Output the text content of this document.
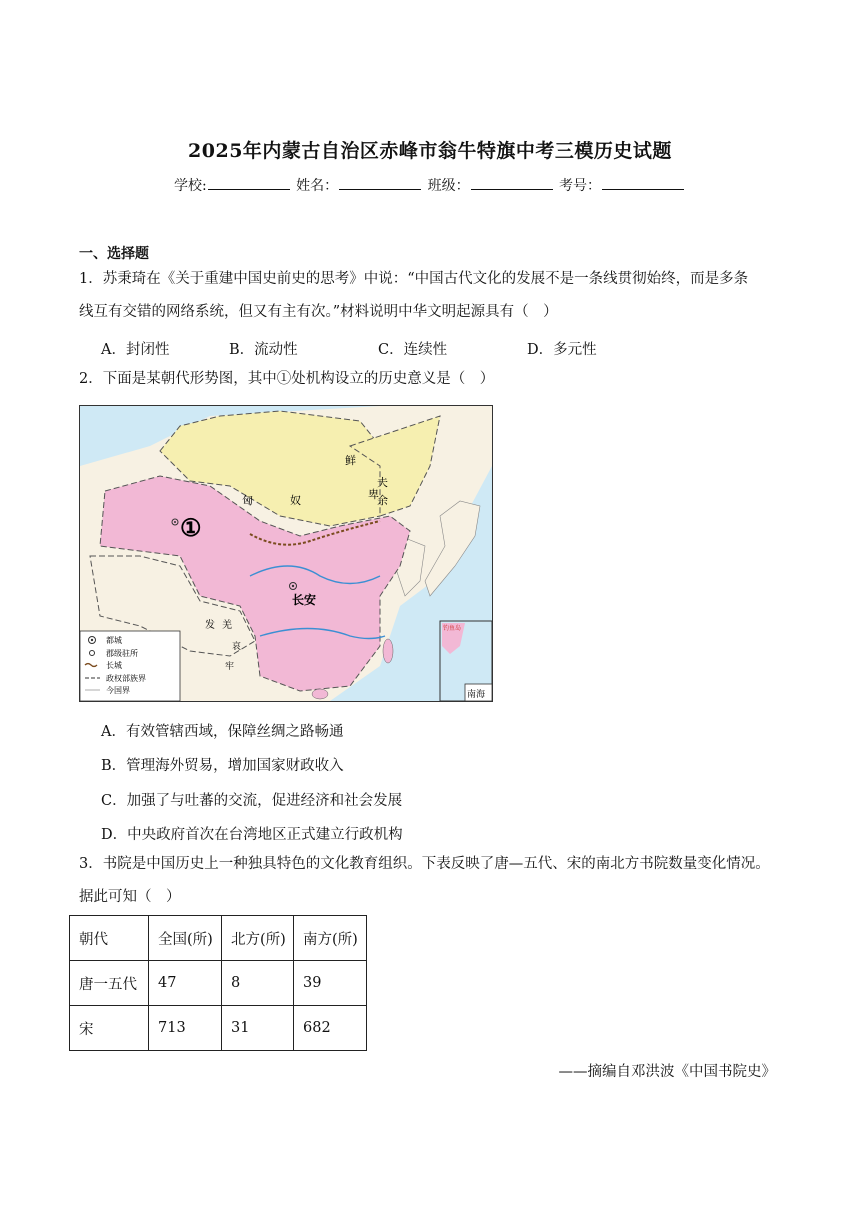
2025年内蒙古自治区赤峰市翁牛特旗中考三模历史试题
学校:	姓名：	班级：	考号：
一、选择题
1．苏秉琦在《关于重建中国史前史的思考》中说：“中国古代文化的发展不是一条线贯彻始终，而是多条
线互有交错的网络系统，但又有主有次。”材料说明中华文明起源具有（　）
A．封闭性	B．流动性	C．连续性	D．多元性
2．下面是某朝代形势图，其中①处机构设立的历史意义是（　）
鲜
卑
匈	奴
夫
余
①
长安
发 羌
哀
牢
南海
钓鱼岛
都城
郡级驻所
长城
政权部族界
今国界
A．有效管辖西域，保障丝绸之路畅通
B．管理海外贸易，增加国家财政收入
C．加强了与吐蕃的交流，促进经济和社会发展
D．中央政府首次在台湾地区正式建立行政机构
3．书院是中国历史上一种独具特色的文化教育组织。下表反映了唐—五代、宋的南北方书院数量变化情况。
据此可知（　）
朝代	全国(所)	北方(所)	南方(所)
唐一五代	47	8	39
宋	713	31	682
——摘编自邓洪波《中国书院史》
